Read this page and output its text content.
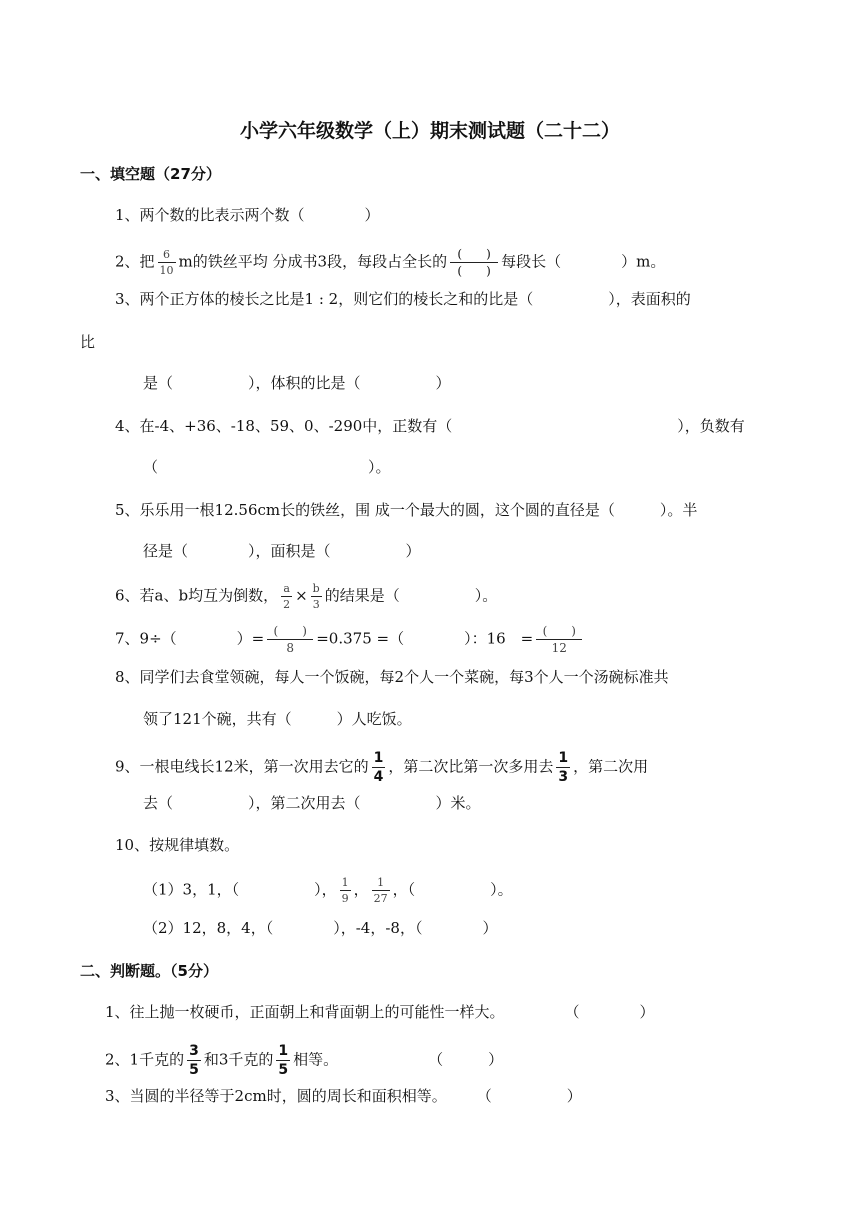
小学六年级数学（上）期末测试题（二十二）
一、填空题（27分）
1、两个数的比表示两个数（　　　　）
2、把 $\frac{6}{10}$ m的铁丝平均 分成书3段，每段占全长的 $\frac{( )}{( )}$ 每段长（　　　　）m。
3、两个正方体的棱长之比是1 : 2，则它们的棱长之和的比是（　　　　　），表面积的
比
是（　　　　　），体积的比是（　　　　　）
4、在-4、+36、-18、59、0、-290中，正数有（　　　　　　　　　　　　　　　），负数有
（　　　　　　　　　　　　　　）。
5、乐乐用一根12.56cm长的铁丝，围 成一个最大的圆，这个圆的直径是（　　　）。半
径是（　　　　），面积是（　　　　　）
6、若a、b均互为倒数， $\frac{a}{2} \times \frac{b}{3}$ 的结果是（　　　　　）。
7、9÷（　　　　）= $\frac{( )}{8} =0.375$ =（　　　　）：16　= $\frac{( )}{12}$
8、同学们去食堂领碗，每人一个饭碗，每2个人一个菜碗，每3个人一个汤碗标准共
领了121个碗，共有（　　　）人吃饭。
9、一根电线长12米，第一次用去它的 $\frac{1}{4}$ ，第二次比第一次多用去 $\frac{1}{3}$ ，第二次用
去（　　　　　），第二次用去（　　　　　）米。
10、按规律填数。
（1）3，1，（　　　　　）， $\frac{1}{9}$ ， $\frac{1}{27}$ ，（　　　　　）。
（2）12，8，4，（　　　　），-4，-8，（　　　　）
二、判断题。（5分）
1、往上抛一枚硬币，正面朝上和背面朝上的可能性一样大。　　　　　（　　　　）
2、1千克的 $\frac{3}{5}$ 和3千克的 $\frac{1}{5}$ 相等。　　　　　　　（　　　）
3、当圆的半径等于2cm时，圆的周长和面积相等。　　　（　　　　　）
